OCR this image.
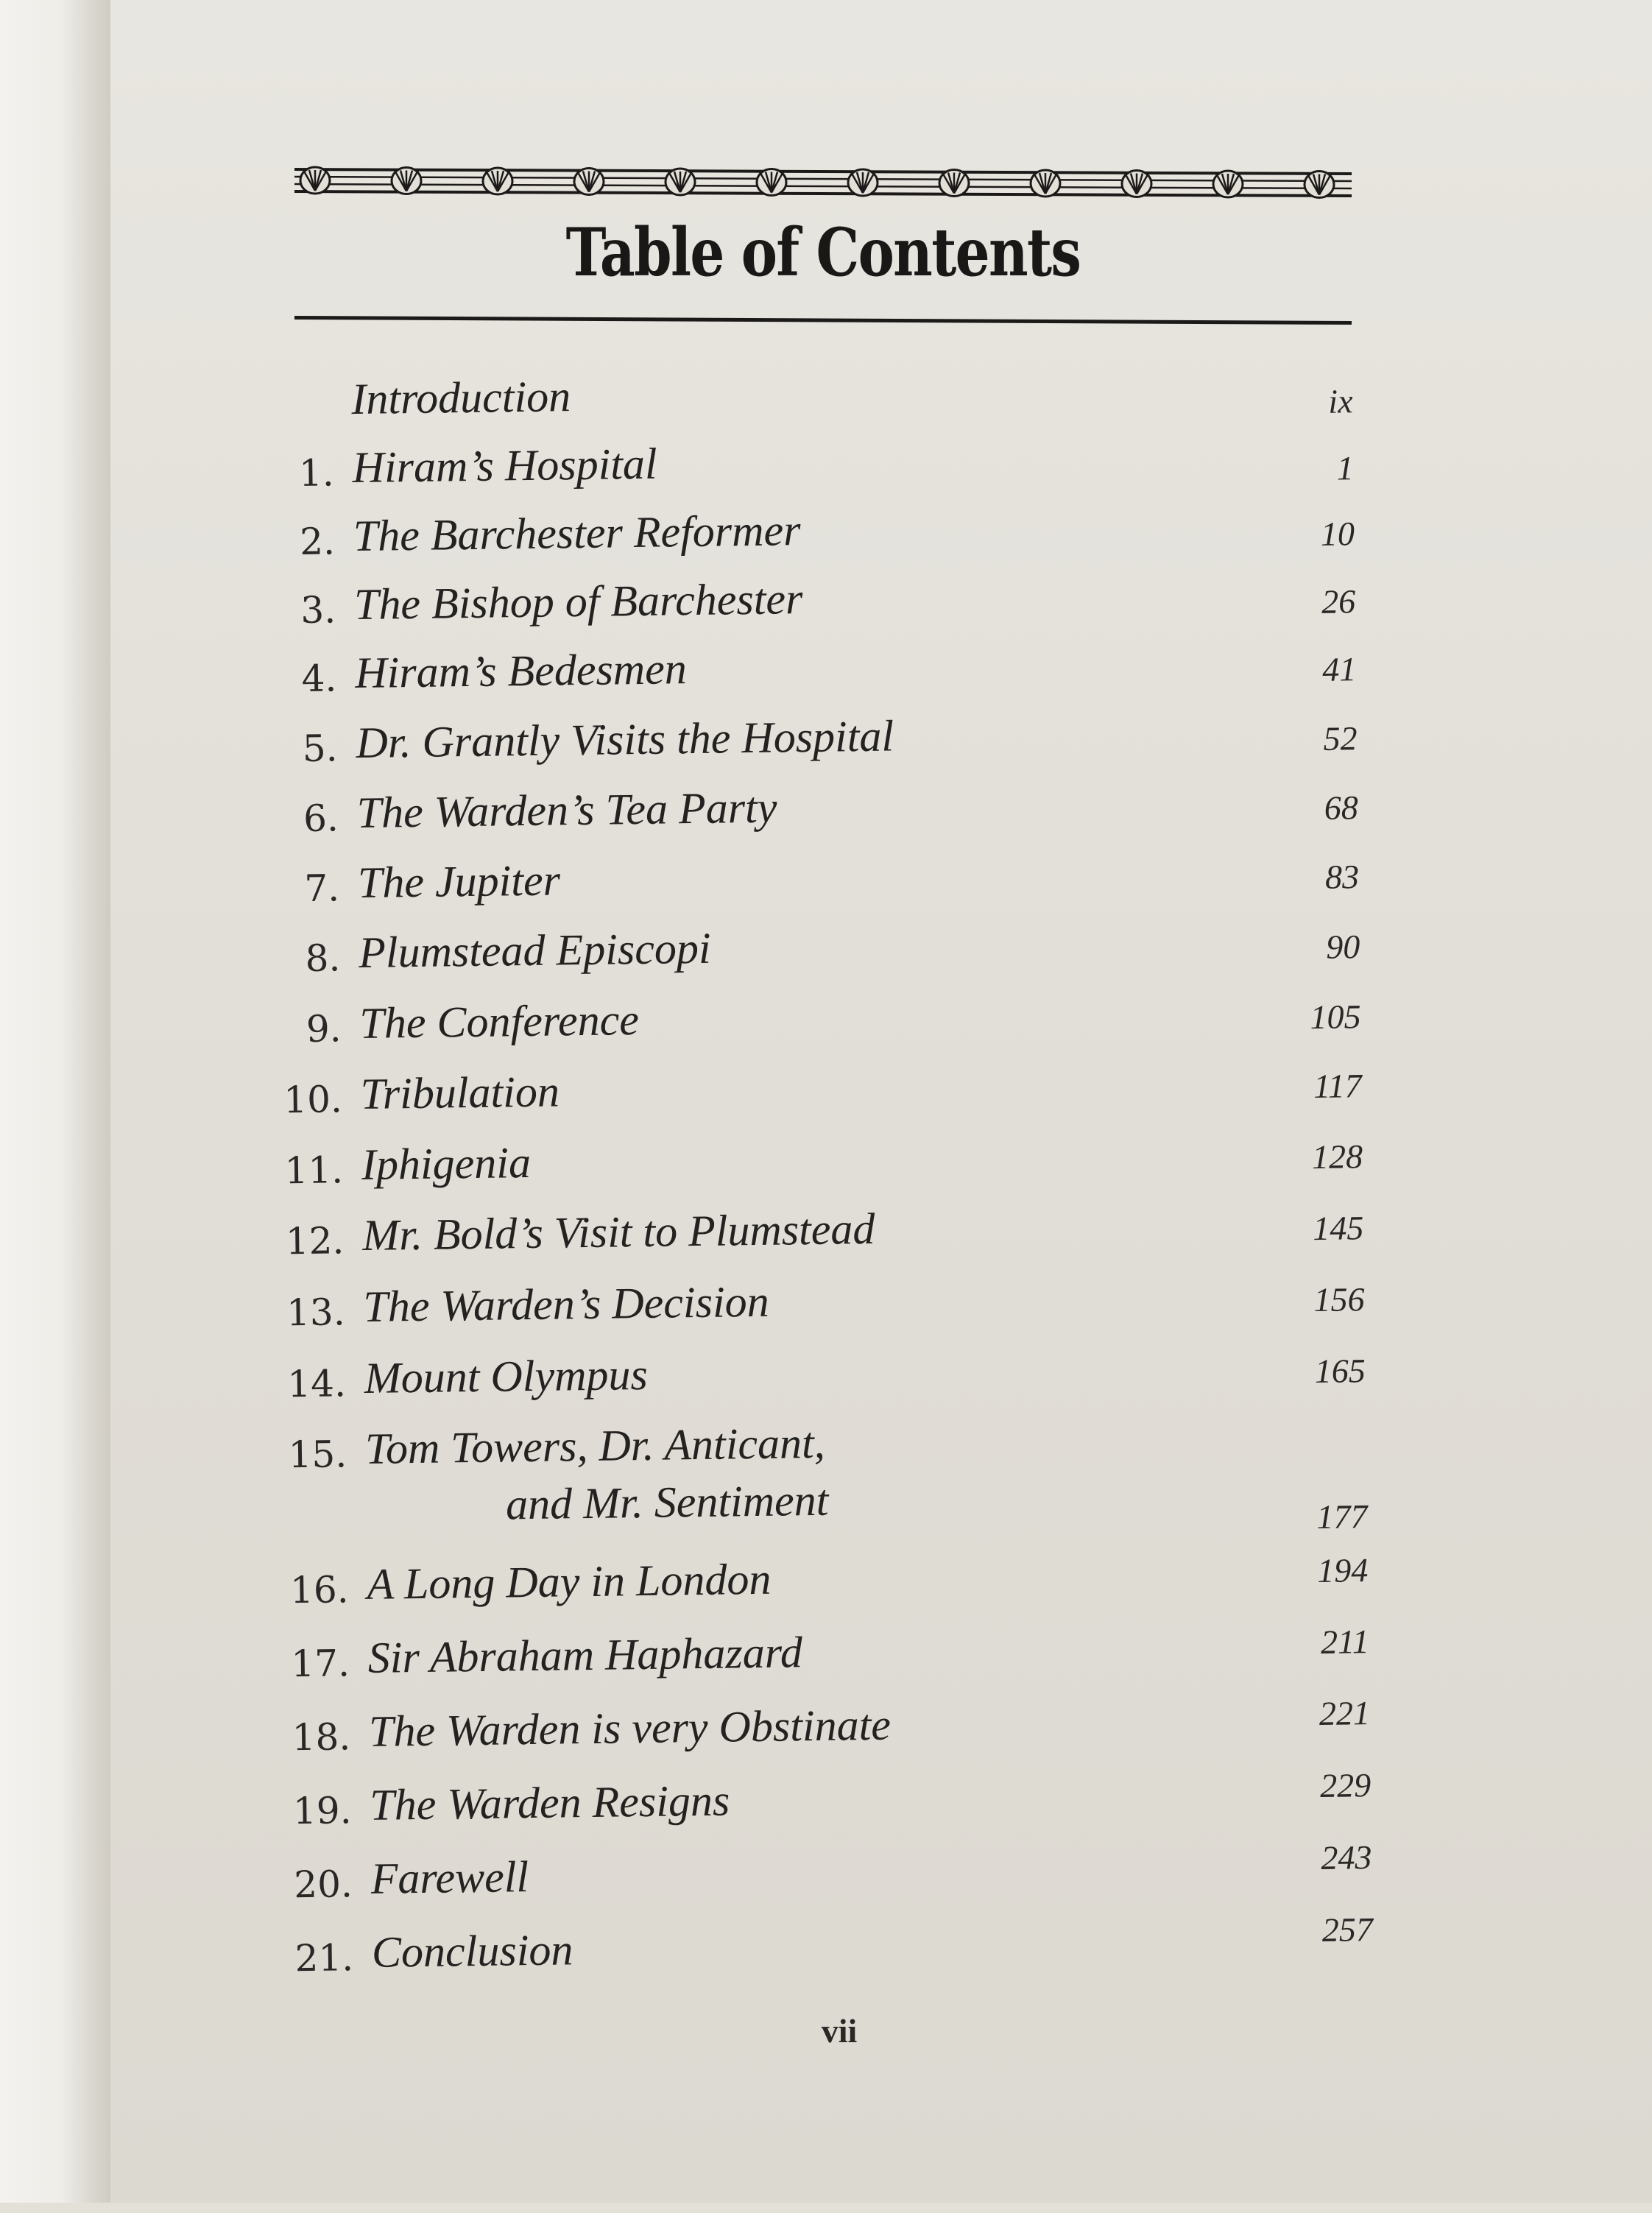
Table of Contents
Introduction	ix
1. Hiram’s Hospital	1
2. The Barchester Reformer	10
3. The Bishop of Barchester	26
4. Hiram’s Bedesmen	41
5. Dr. Grantly Visits the Hospital	52
6. The Warden’s Tea Party	68
7. The Jupiter	83
8. Plumstead Episcopi	90
9. The Conference	105
10. Tribulation	117
11. Iphigenia	128
12. Mr. Bold’s Visit to Plumstead	145
13. The Warden’s Decision	156
14. Mount Olympus	165
15. Tom Towers, Dr. Anticant,
and Mr. Sentiment	177
16. A Long Day in London	194
17. Sir Abraham Haphazard	211
18. The Warden is very Obstinate	221
19. The Warden Resigns	229
20. Farewell	243
21. Conclusion	257
vii
